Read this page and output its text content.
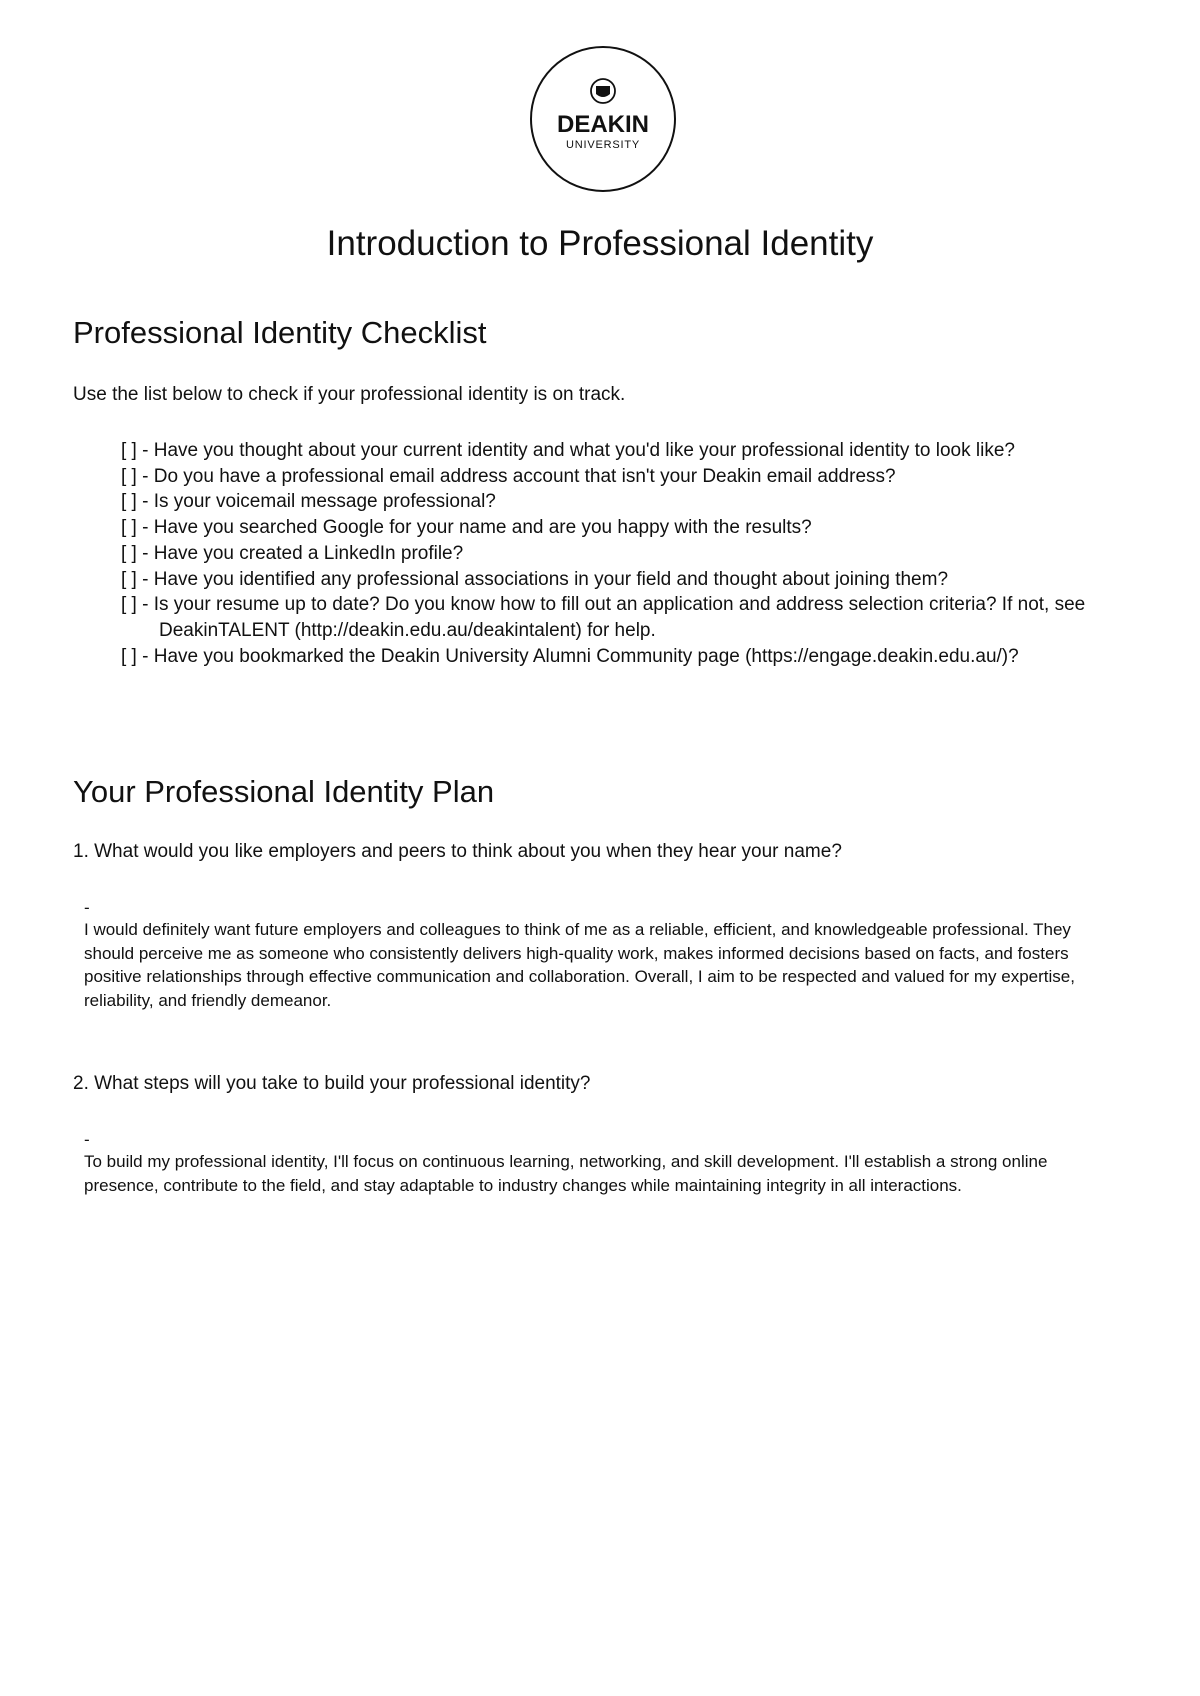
DEAKIN
UNIVERSITY
Introduction to Professional Identity
Professional Identity Checklist

Use the list below to check if your professional identity is on track.

[ ] - Have you thought about your current identity and what you'd like your professional identity to look like?
[ ] - Do you have a professional email address account that isn't your Deakin email address?
[ ] - Is your voicemail message professional?
[ ] - Have you searched Google for your name and are you happy with the results?
[ ] - Have you created a LinkedIn profile?
[ ] - Have you identified any professional associations in your field and thought about joining them?
[ ] - Is your resume up to date? Do you know how to fill out an application and address selection criteria? If not, see DeakinTALENT (http://deakin.edu.au/deakintalent) for help.
[ ] - Have you bookmarked the Deakin University Alumni Community page (https://engage.deakin.edu.au/)?
Your Professional Identity Plan

1. What would you like employers and peers to think about you when they hear your name?

-
I would definitely want future employers and colleagues to think of me as a reliable, efficient, and knowledgeable professional. They should perceive me as someone who consistently delivers high-quality work, makes informed decisions based on facts, and fosters positive relationships through effective communication and collaboration. Overall, I aim to be respected and valued for my expertise, reliability, and friendly demeanor.

2. What steps will you take to build your professional identity?

-
To build my professional identity, I'll focus on continuous learning, networking, and skill development. I'll establish a strong online presence, contribute to the field, and stay adaptable to industry changes while maintaining integrity in all interactions.
